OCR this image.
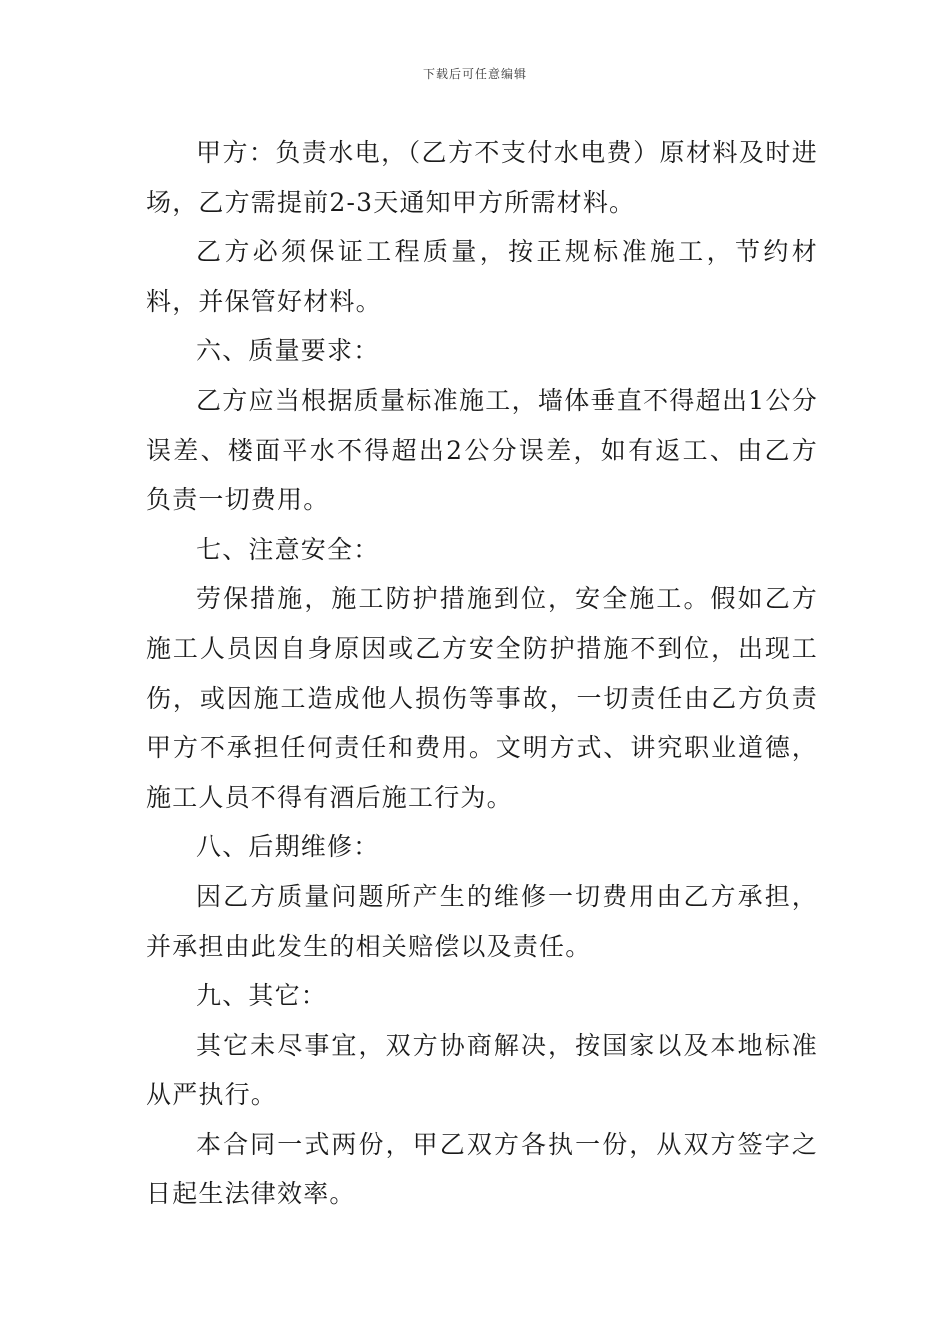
下载后可任意编辑

甲方：负责水电，（乙方不支付水电费）原材料及时进场，乙方需提前2-3天通知甲方所需材料。

乙方必须保证工程质量，按正规标准施工，节约材料，并保管好材料。

六、质量要求：

乙方应当根据质量标准施工，墙体垂直不得超出1公分误差、楼面平水不得超出2公分误差，如有返工、由乙方负责一切费用。

七、注意安全：

劳保措施，施工防护措施到位，安全施工。假如乙方施工人员因自身原因或乙方安全防护措施不到位，出现工伤，或因施工造成他人损伤等事故，一切责任由乙方负责甲方不承担任何责任和费用。文明方式、讲究职业道德，施工人员不得有酒后施工行为。

八、后期维修：

因乙方质量问题所产生的维修一切费用由乙方承担，并承担由此发生的相关赔偿以及责任。

九、其它：

其它未尽事宜，双方协商解决，按国家以及本地标准从严执行。

本合同一式两份，甲乙双方各执一份，从双方签字之日起生法律效率。
